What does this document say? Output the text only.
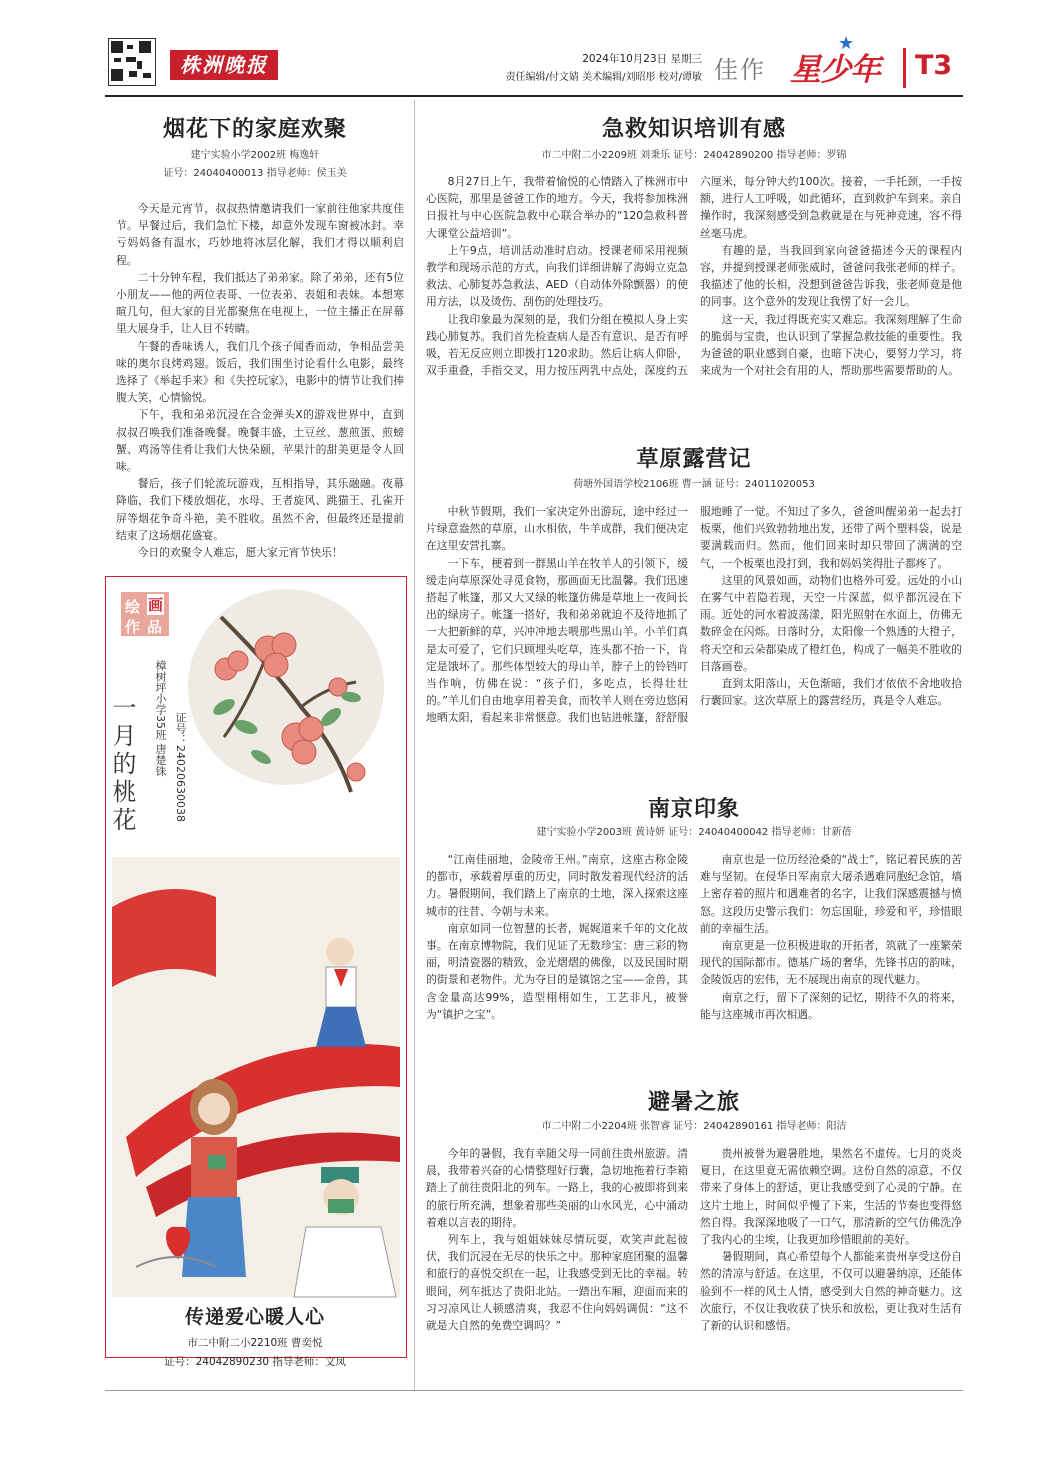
株洲晚报	2024年10月23日 星期三
责任编辑/付文婧 美术编辑/刘昭彤 校对/谭敏 佳作 星少年
★
T3
烟花下的家庭欢聚
建宁实验小学2002班 梅逸轩
证号：24040400013 指导老师：侯玉美

今天是元宵节，叔叔热情邀请我们一家前往他家共度佳节。早餐过后，我们急忙下楼，却意外发现车窗被冰封。幸亏妈妈备有温水，巧妙地将冰层化解，我们才得以顺利启程。

二十分钟车程，我们抵达了弟弟家。除了弟弟，还有5位小朋友——他的两位表哥、一位表弟、表姐和表妹。本想寒暄几句，但大家的目光都聚焦在电视上，一位主播正在屏幕里大展身手，让人目不转睛。

午餐的香味诱人，我们几个孩子闻香而动，争相品尝美味的奥尔良烤鸡翅。饭后，我们围坐讨论看什么电影，最终选择了《举起手来》和《失控玩家》，电影中的情节让我们捧腹大笑，心情愉悦。

下午，我和弟弟沉浸在合金弹头X的游戏世界中，直到叔叔召唤我们准备晚餐。晚餐丰盛，土豆丝、葱煎蛋、煎螃蟹、鸡汤等佳肴让我们大快朵颐，苹果汁的甜美更是令人回味。

餐后，孩子们轮流玩游戏，互相指导，其乐融融。夜幕降临，我们下楼放烟花，水母、王者旋风、跳猫王、孔雀开屏等烟花争奇斗艳，美不胜收。虽然不舍，但最终还是提前结束了这场烟花盛宴。

今日的欢聚令人难忘，愿大家元宵节快乐！

绘 画
作 品
一月的桃花	樟树坪小学35班 唐楚铢 证号：24020630038
传递爱心暖人心
市二中附二小2210班 曹奕悦
证号：24042890230 指导老师：文凤
急救知识培训有感
市二中附二小2209班 刘秉乐 证号：24042890200 指导老师：罗锦

8月27日上午，我带着愉悦的心情踏入了株洲市中心医院，那里是爸爸工作的地方。今天，我将参加株洲日报社与中心医院急救中心联合举办的“120急救科普大课堂公益培训”。

上午9点，培训活动准时启动。授课老师采用视频教学和现场示范的方式，向我们详细讲解了海姆立克急救法、心肺复苏急救法、AED（自动体外除颤器）的使用方法，以及烫伤、刮伤的处理技巧。

让我印象最为深刻的是，我们分组在模拟人身上实践心肺复苏。我们首先检查病人是否有意识、是否有呼吸，若无反应则立即拨打120求助。然后让病人仰卧，双手重叠，手指交叉，用力按压两乳中点处，深度约五六厘米，每分钟大约100次。接着，一手托颈，一手按额，进行人工呼吸，如此循环，直到救护车到来。亲自操作时，我深刻感受到急救就是在与死神竞速，容不得丝毫马虎。

有趣的是，当我回到家向爸爸描述今天的课程内容，并提到授课老师张威时，爸爸问我张老师的样子。我描述了他的长相，没想到爸爸告诉我，张老师竟是他的同事。这个意外的发现让我愣了好一会儿。

这一天，我过得既充实又难忘。我深刻理解了生命的脆弱与宝贵，也认识到了掌握急救技能的重要性。我为爸爸的职业感到自豪，也暗下决心，要努力学习，将来成为一个对社会有用的人，帮助那些需要帮助的人。

草原露营记
荷塘外国语学校2106班 曹一涵 证号：24011020053

中秋节假期，我们一家决定外出游玩，途中经过一片绿意盎然的草原，山水相依，牛羊成群，我们便决定在这里安营扎寨。

一下车，梗着到一群黑山羊在牧羊人的引领下，缓缓走向草原深处寻觅食物，那画面无比温馨。我们迅速搭起了帐篷，那又大又绿的帐篷仿佛是草地上一夜间长出的绿房子。帐篷一搭好，我和弟弟就迫不及待地抓了一大把新鲜的草，兴冲冲地去喂那些黑山羊。小羊们真是太可爱了，它们只顾埋头吃草，连头都不抬一下，肯定是饿坏了。那些体型较大的母山羊，脖子上的铃铛叮当作响，仿佛在说：“孩子们，多吃点，长得壮壮的。”羊儿们自由地享用着美食，而牧羊人则在旁边悠闲地晒太阳，看起来非常惬意。我们也钻进帐篷，舒舒服服地睡了一觉。不知过了多久，爸爸叫醒弟弟一起去打板栗，他们兴致勃勃地出发，还带了两个塑料袋，说是要满载而归。然而，他们回来时却只带回了满满的空气，一个板栗也没打到，我和妈妈笑得肚子都疼了。

这里的风景如画，动物们也格外可爱。远处的小山在雾气中若隐若现，天空一片深蓝，似乎都沉浸在下雨。近处的河水着波荡漾，阳光照射在水面上，仿佛无数碎金在闪烁。日落时分，太阳像一个熟透的大橙子，将天空和云朵都染成了橙红色，构成了一幅美不胜收的日落画卷。

直到太阳落山，天色渐暗，我们才依依不舍地收拾行囊回家。这次草原上的露营经历，真是令人难忘。

南京印象
建宁实验小学2003班 黄诗妍 证号：24040400042 指导老师：甘新蓓

“江南佳丽地，金陵帝王州。”南京，这座古称金陵的都市，承载着厚重的历史，同时散发着现代经济的活力。暑假期间，我们踏上了南京的土地，深入探索这座城市的往昔、今朝与未来。

南京如同一位智慧的长者，娓娓道来千年的文化故事。在南京博物院，我们见证了无数珍宝：唐三彩的物丽，明清瓷器的精致，金光熠熠的佛像，以及民国时期的街景和老物件。尤为夺目的是镇馆之宝——金兽，其含金量高达99%，造型栩栩如生，工艺非凡，被誉为“镇护之宝”。

南京也是一位历经沧桑的“战士”，铭记着民族的苦难与坚韧。在侵华日军南京大屠杀遇难同胞纪念馆，墙上密存着的照片和遇难者的名字，让我们深感震撼与愤怒。这段历史警示我们：勿忘国耻，珍爱和平，珍惜眼前的幸福生活。

南京更是一位积极进取的开拓者，筑就了一座繁荣现代的国际都市。德基广场的奢华，先锋书店的韵味，金陵饭店的宏伟，无不展现出南京的现代魅力。

南京之行，留下了深刻的记忆，期待不久的将来，能与这座城市再次相遇。

避暑之旅
市二中附二小2204班 张智睿 证号：24042890161 指导老师：阳洁

今年的暑假，我有幸随父母一同前往贵州旅游。清晨，我带着兴奋的心情整理好行囊，急切地拖着行李箱踏上了前往贵阳北的列车。一路上，我的心被即将到来的旅行所充满，想象着那些美丽的山水风光，心中涌动着难以言表的期待。

列车上，我与姐姐妹妹尽情玩耍，欢笑声此起彼伏，我们沉浸在无尽的快乐之中。那种家庭团聚的温馨和旅行的喜悦交织在一起，让我感受到无比的幸福。转眼间，列车抵达了贵阳北站。一踏出车厢，迎面而来的习习凉风让人顿感清爽，我忍不住向妈妈调侃：“这不就是大自然的免费空调吗？”

贵州被誉为避暑胜地，果然名不虚传。七月的炎炎夏日，在这里竟无需依赖空调。这份自然的凉意，不仅带来了身体上的舒适，更让我感受到了心灵的宁静。在这片土地上，时间似乎慢了下来，生活的节奏也变得悠然自得。我深深地吸了一口气，那清新的空气仿佛洗净了我内心的尘埃，让我更加珍惜眼前的美好。

暑假期间，真心希望每个人都能来贵州享受这份自然的清凉与舒适。在这里，不仅可以避暑纳凉，还能体验到不一样的风土人情，感受到大自然的神奇魅力。这次旅行，不仅让我收获了快乐和放松，更让我对生活有了新的认识和感悟。
